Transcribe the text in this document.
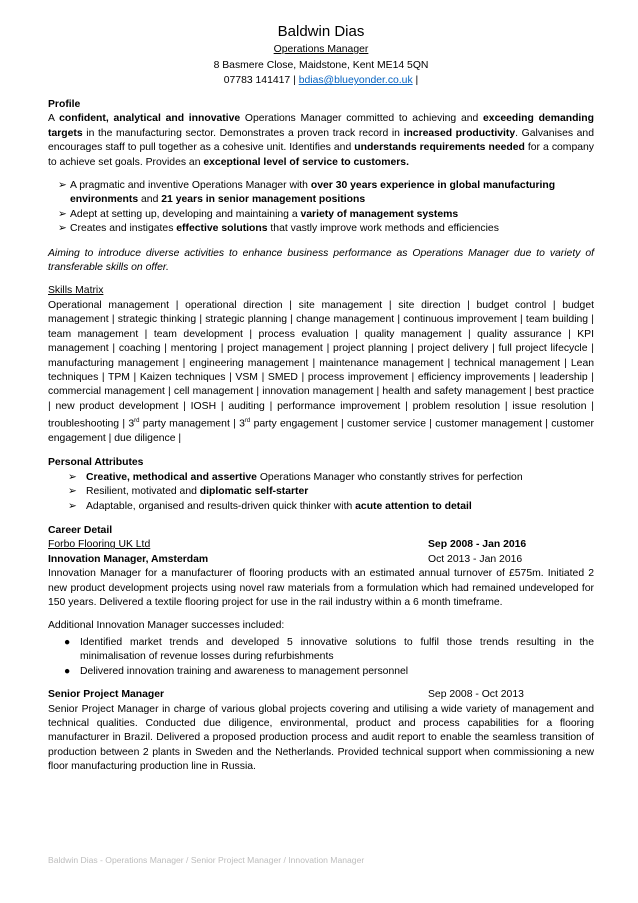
Baldwin Dias
Operations Manager
8 Basmere Close, Maidstone, Kent ME14 5QN
07783 141417 | bdias@blueyonder.co.uk |
Profile
A confident, analytical and innovative Operations Manager committed to achieving and exceeding demanding targets in the manufacturing sector. Demonstrates a proven track record in increased productivity. Galvanises and encourages staff to pull together as a cohesive unit. Identifies and understands requirements needed for a company to achieve set goals. Provides an exceptional level of service to customers.
➢ A pragmatic and inventive Operations Manager with over 30 years experience in global manufacturing environments and 21 years in senior management positions
➢ Adept at setting up, developing and maintaining a variety of management systems
➢ Creates and instigates effective solutions that vastly improve work methods and efficiencies
Aiming to introduce diverse activities to enhance business performance as Operations Manager due to variety of transferable skills on offer.
Skills Matrix
Operational management | operational direction | site management | site direction | budget control | budget management | strategic thinking | strategic planning | change management | continuous improvement | team building | team management | team development | process evaluation | quality management | quality assurance | KPI management | coaching | mentoring | project management | project planning | project delivery | full project lifecycle | manufacturing management | engineering management | maintenance management | technical management | Lean techniques | TPM | Kaizen techniques | VSM | SMED | process improvement | efficiency improvements | leadership | commercial management | cell management | innovation management | health and safety management | best practice | new product development | IOSH | auditing | performance improvement | problem resolution | issue resolution | troubleshooting | 3rd party management | 3rd party engagement | customer service | customer management | customer engagement | due diligence |
Personal Attributes
➢ Creative, methodical and assertive Operations Manager who constantly strives for perfection
➢ Resilient, motivated and diplomatic self-starter
➢ Adaptable, organised and results-driven quick thinker with acute attention to detail
Career Detail
Forbo Flooring UK Ltd	Sep 2008 - Jan 2016
Innovation Manager, Amsterdam	Oct 2013 - Jan 2016
Innovation Manager for a manufacturer of flooring products with an estimated annual turnover of £575m. Initiated 2 new product development projects using novel raw materials from a formulation which had remained undeveloped for 150 years. Delivered a textile flooring project for use in the rail industry within a 6 month timeframe.
Additional Innovation Manager successes included:
● Identified market trends and developed 5 innovative solutions to fulfil those trends resulting in the minimalisation of revenue losses during refurbishments
● Delivered innovation training and awareness to management personnel
Senior Project Manager	Sep 2008 - Oct 2013
Senior Project Manager in charge of various global projects covering and utilising a wide variety of management and technical qualities. Conducted due diligence, environmental, product and process capabilities for a flooring manufacturer in Brazil. Delivered a proposed production process and audit report to enable the seamless transition of production between 2 plants in Sweden and the Netherlands. Provided technical support when commissioning a new floor manufacturing production line in Russia.
Baldwin Dias - Operations Manager / Senior Project Manager / Innovation Manager
